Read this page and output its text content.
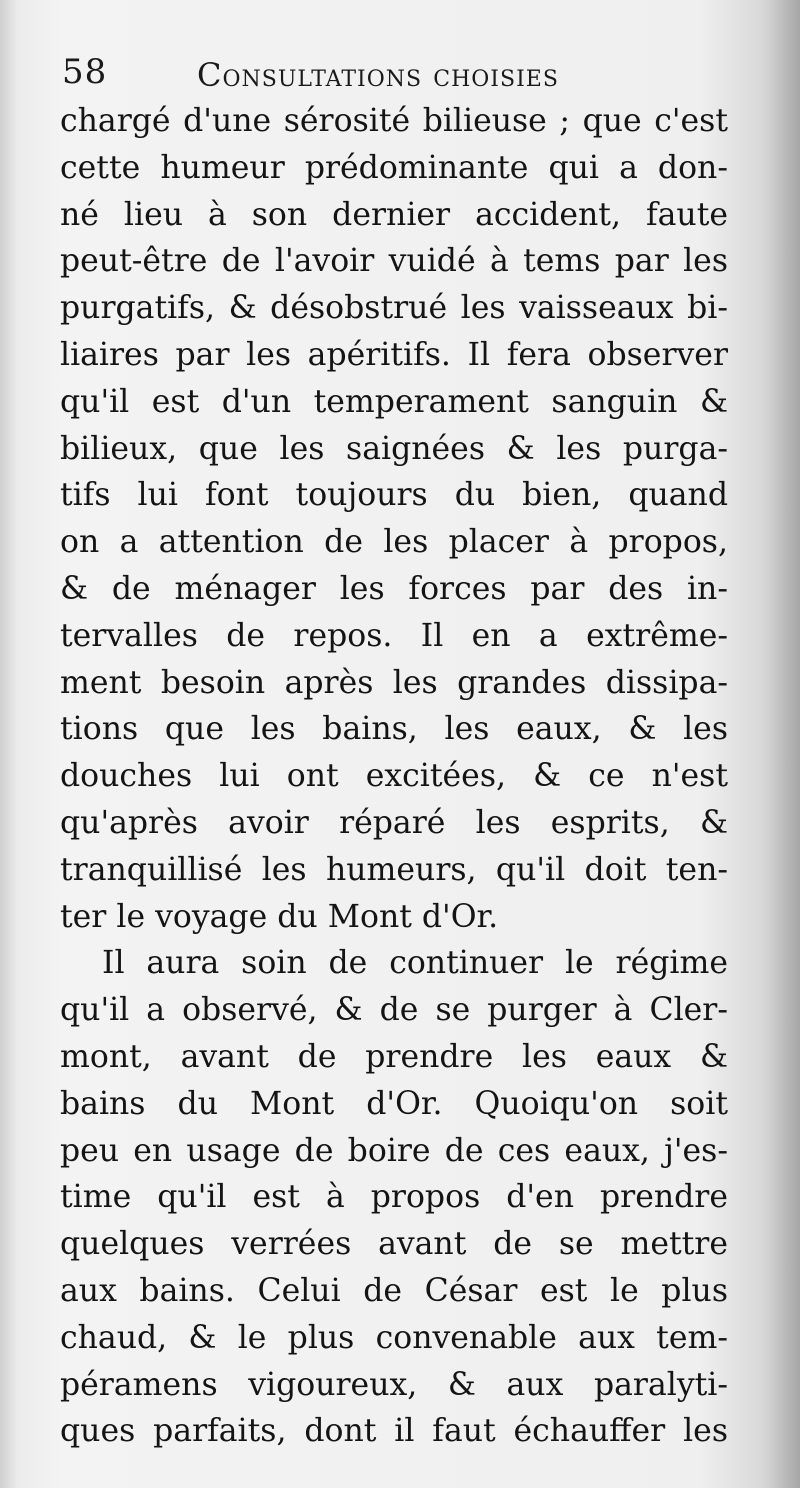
58	Consultations choisies
chargé d'une sérosité bilieuse ; que c'est
cette humeur prédominante qui a don-
né lieu à son dernier accident, faute
peut-être de l'avoir vuidé à tems par les
purgatifs, & désobstrué les vaisseaux bi-
liaires par les apéritifs. Il fera observer
qu'il est d'un temperament sanguin &
bilieux, que les saignées & les purga-
tifs lui font toujours du bien, quand
on a attention de les placer à propos,
& de ménager les forces par des in-
tervalles de repos. Il en a extrême-
ment besoin après les grandes dissipa-
tions que les bains, les eaux, & les
douches lui ont excitées, & ce n'est
qu'après avoir réparé les esprits, &
tranquillisé les humeurs, qu'il doit ten-
ter le voyage du Mont d'Or.
Il aura soin de continuer le régime
qu'il a observé, & de se purger à Cler-
mont, avant de prendre les eaux &
bains du Mont d'Or. Quoiqu'on soit
peu en usage de boire de ces eaux, j'es-
time qu'il est à propos d'en prendre
quelques verrées avant de se mettre
aux bains. Celui de César est le plus
chaud, & le plus convenable aux tem-
péramens vigoureux, & aux paralyti-
ques parfaits, dont il faut échauffer les
